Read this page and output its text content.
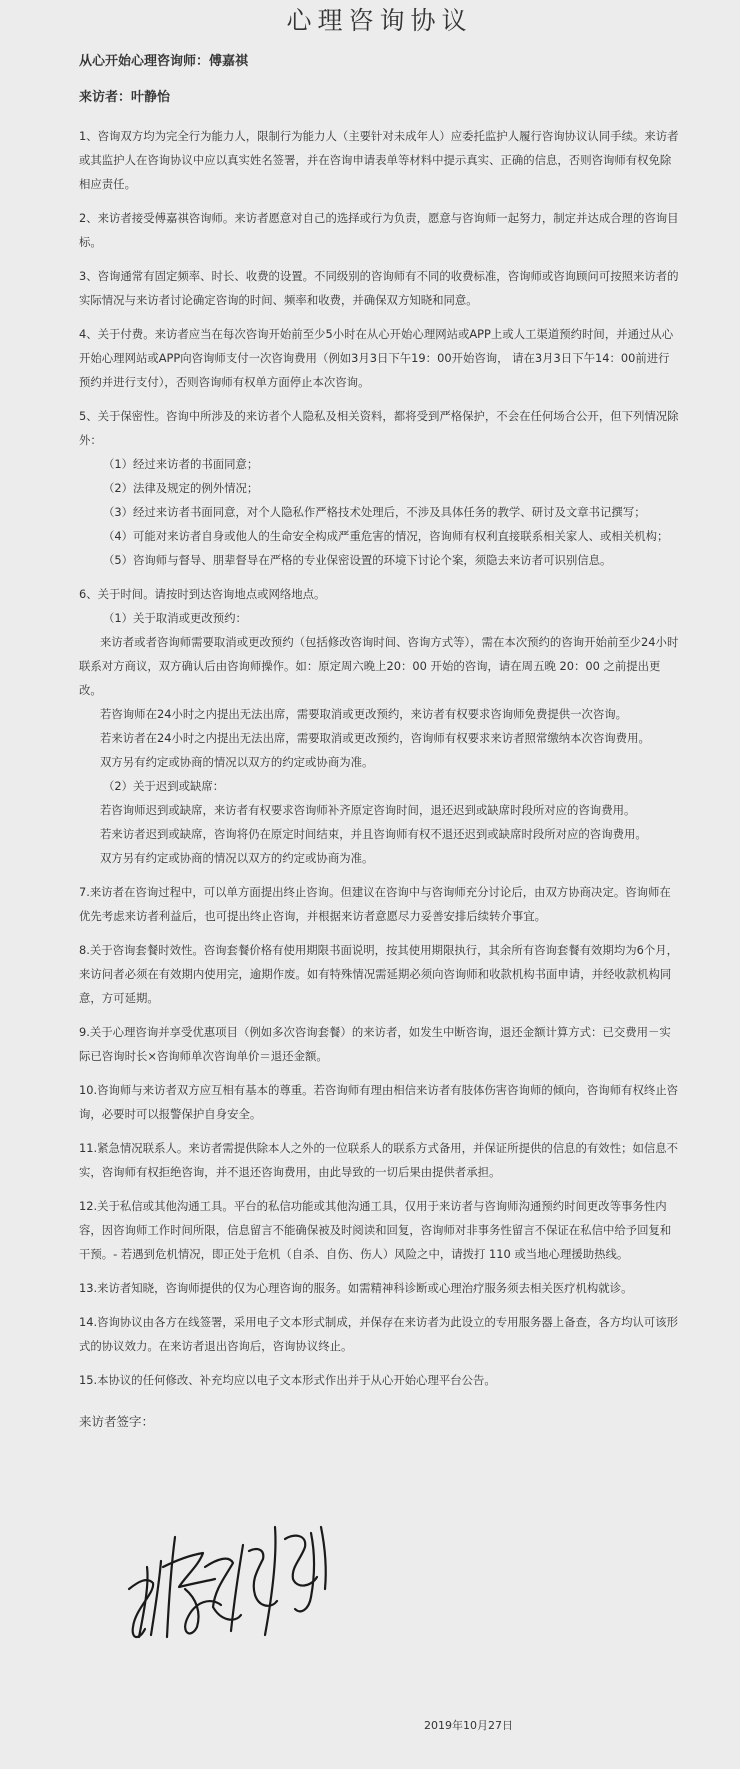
心理咨询协议
从心开始心理咨询师：傅嘉祺
来访者：叶静怡

1、咨询双方均为完全行为能力人，限制行为能力人（主要针对未成年人）应委托监护人履行咨询协议认同手续。来访者或其监护人在咨询协议中应以真实姓名签署，并在咨询申请表单等材料中提示真实、正确的信息，否则咨询师有权免除相应责任。

2、来访者接受傅嘉祺咨询师。来访者愿意对自己的选择或行为负责，愿意与咨询师一起努力，制定并达成合理的咨询目标。

3、咨询通常有固定频率、时长、收费的设置。不同级别的咨询师有不同的收费标准，咨询师或咨询顾问可按照来访者的实际情况与来访者讨论确定咨询的时间、频率和收费，并确保双方知晓和同意。

4、关于付费。来访者应当在每次咨询开始前至少5小时在从心开始心理网站或APP上或人工渠道预约时间，并通过从心开始心理网站或APP向咨询师支付一次咨询费用（例如3月3日下午19：00开始咨询， 请在3月3日下午14：00前进行预约并进行支付），否则咨询师有权单方面停止本次咨询。

5、关于保密性。咨询中所涉及的来访者个人隐私及相关资料，都将受到严格保护，不会在任何场合公开，但下列情况除外：

（1）经过来访者的书面同意；

（2）法律及规定的例外情况；

（3）经过来访者书面同意，对个人隐私作严格技术处理后，不涉及具体任务的教学、研讨及文章书记撰写；

（4）可能对来访者自身或他人的生命安全构成严重危害的情况，咨询师有权利直接联系相关家人、或相关机构；

（5）咨询师与督导、朋辈督导在严格的专业保密设置的环境下讨论个案，须隐去来访者可识别信息。

6、关于时间。请按时到达咨询地点或网络地点。

（1）关于取消或更改预约：

来访者或者咨询师需要取消或更改预约（包括修改咨询时间、咨询方式等），需在本次预约的咨询开始前至少24小时联系对方商议，双方确认后由咨询师操作。如：原定周六晚上20：00 开始的咨询，请在周五晚 20：00 之前提出更改。

若咨询师在24小时之内提出无法出席，需要取消或更改预约，来访者有权要求咨询师免费提供一次咨询。

若来访者在24小时之内提出无法出席，需要取消或更改预约，咨询师有权要求来访者照常缴纳本次咨询费用。

双方另有约定或协商的情况以双方的约定或协商为准。

（2）关于迟到或缺席：

若咨询师迟到或缺席，来访者有权要求咨询师补齐原定咨询时间，退还迟到或缺席时段所对应的咨询费用。

若来访者迟到或缺席，咨询将仍在原定时间结束，并且咨询师有权不退还迟到或缺席时段所对应的咨询费用。

双方另有约定或协商的情况以双方的约定或协商为准。

7.来访者在咨询过程中，可以单方面提出终止咨询。但建议在咨询中与咨询师充分讨论后，由双方协商决定。咨询师在优先考虑来访者利益后，也可提出终止咨询，并根据来访者意愿尽力妥善安排后续转介事宜。

8.关于咨询套餐时效性。咨询套餐价格有使用期限书面说明，按其使用期限执行，其余所有咨询套餐有效期均为6个月，来访问者必须在有效期内使用完，逾期作废。如有特殊情况需延期必须向咨询师和收款机构书面申请，并经收款机构同意，方可延期。

9.关于心理咨询并享受优惠项目（例如多次咨询套餐）的来访者，如发生中断咨询，退还金额计算方式：已交费用－实际已咨询时长×咨询师单次咨询单价＝退还金额。

10.咨询师与来访者双方应互相有基本的尊重。若咨询师有理由相信来访者有肢体伤害咨询师的倾向，咨询师有权终止咨询，必要时可以报警保护自身安全。

11.紧急情况联系人。来访者需提供除本人之外的一位联系人的联系方式备用，并保证所提供的信息的有效性；如信息不实，咨询师有权拒绝咨询，并不退还咨询费用，由此导致的一切后果由提供者承担。

12.关于私信或其他沟通工具。平台的私信功能或其他沟通工具，仅用于来访者与咨询师沟通预约时间更改等事务性内容，因咨询师工作时间所限，信息留言不能确保被及时阅读和回复，咨询师对非事务性留言不保证在私信中给予回复和干预。- 若遇到危机情况，即正处于危机（自杀、自伤、伤人）风险之中，请拨打 110 或当地心理援助热线。

13.来访者知晓，咨询师提供的仅为心理咨询的服务。如需精神科诊断或心理治疗服务须去相关医疗机构就诊。

14.咨询协议由各方在线签署，采用电子文本形式制成，并保存在来访者为此设立的专用服务器上备查，各方均认可该形式的协议效力。在来访者退出咨询后，咨询协议终止。

15.本协议的任何修改、补充均应以电子文本形式作出并于从心开始心理平台公告。

来访者签字：
2019年10月27日
